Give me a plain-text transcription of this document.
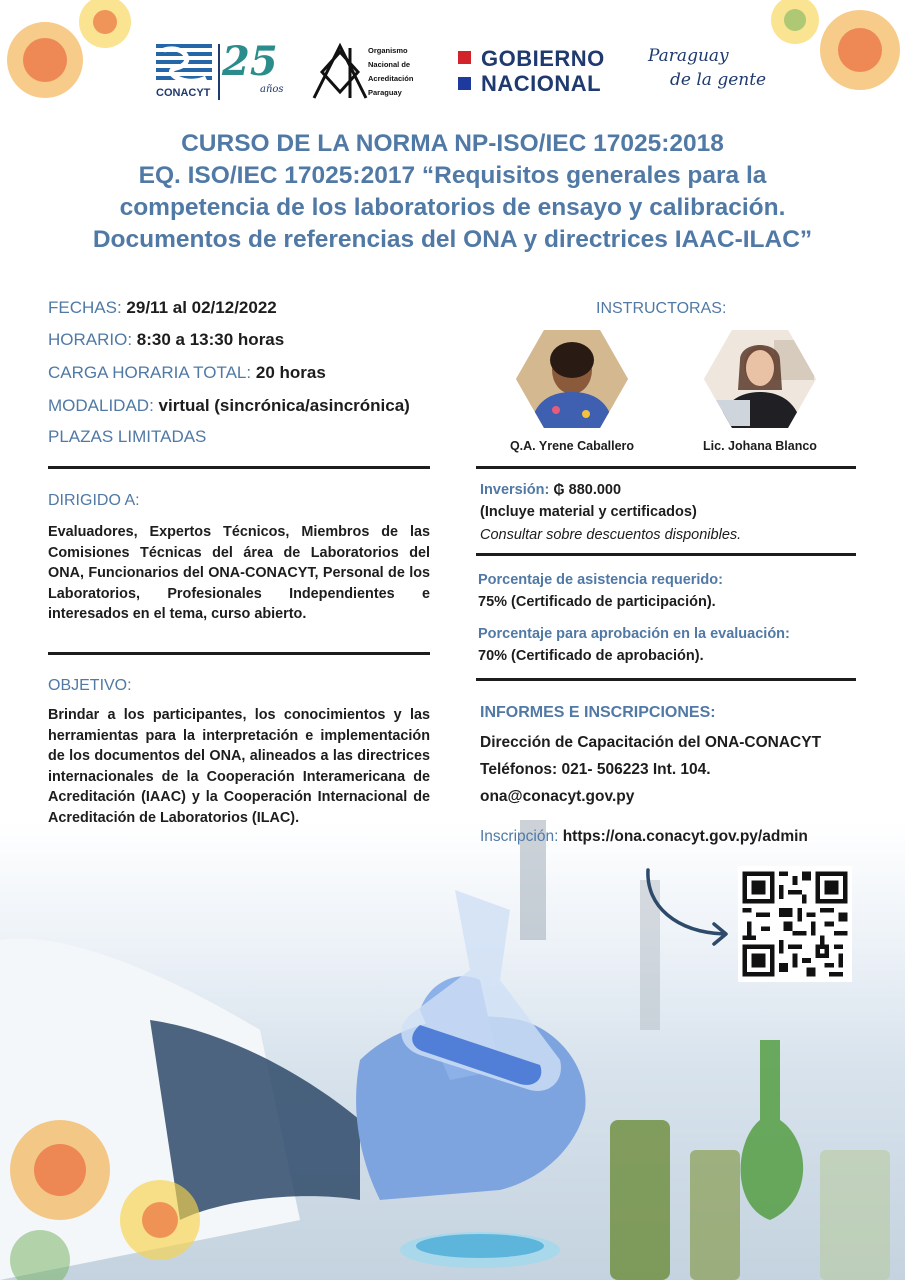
CONACYT
25
años
Organismo
Nacional de
Acreditación
Paraguay
GOBIERNO
NACIONAL
Paraguay
de la gente
CURSO DE LA NORMA NP-ISO/IEC 17025:2018
EQ. ISO/IEC 17025:2017 “Requisitos generales para la
competencia de los laboratorios de ensayo y calibración.
Documentos de referencias del ONA y directrices IAAC-ILAC”
FECHAS: 29/11 al 02/12/2022
HORARIO: 8:30 a 13:30 horas
CARGA HORARIA TOTAL: 20 horas
MODALIDAD: virtual (sincrónica/asincrónica)
PLAZAS LIMITADAS
DIRIGIDO A:
Evaluadores, Expertos Técnicos, Miembros de las Comisiones Técnicas del área de Laboratorios del ONA, Funcionarios del ONA-CONACYT, Personal de los Laboratorios, Profesionales Independientes e interesados en el tema, curso abierto.
OBJETIVO:
Brindar a los participantes, los conocimientos y las herramientas para la interpretación e implementación de los documentos del ONA, alineados a las directrices internacionales de la Cooperación Interamericana de Acreditación (IAAC) y la Cooperación Internacional de Acreditación de Laboratorios (ILAC).
INSTRUCTORAS:
Q.A. Yrene Caballero	Lic. Johana Blanco
Inversión: ₲ 880.000
(Incluye material y certificados)
Consultar sobre descuentos disponibles.
Porcentaje de asistencia requerido:
75% (Certificado de participación).
Porcentaje para aprobación en la evaluación:
70% (Certificado de aprobación).
INFORMES E INSCRIPCIONES:
Dirección de Capacitación del ONA-CONACYT
Teléfonos: 021- 506223 Int. 104.
ona@conacyt.gov.py
Inscripción: https://ona.conacyt.gov.py/admin
